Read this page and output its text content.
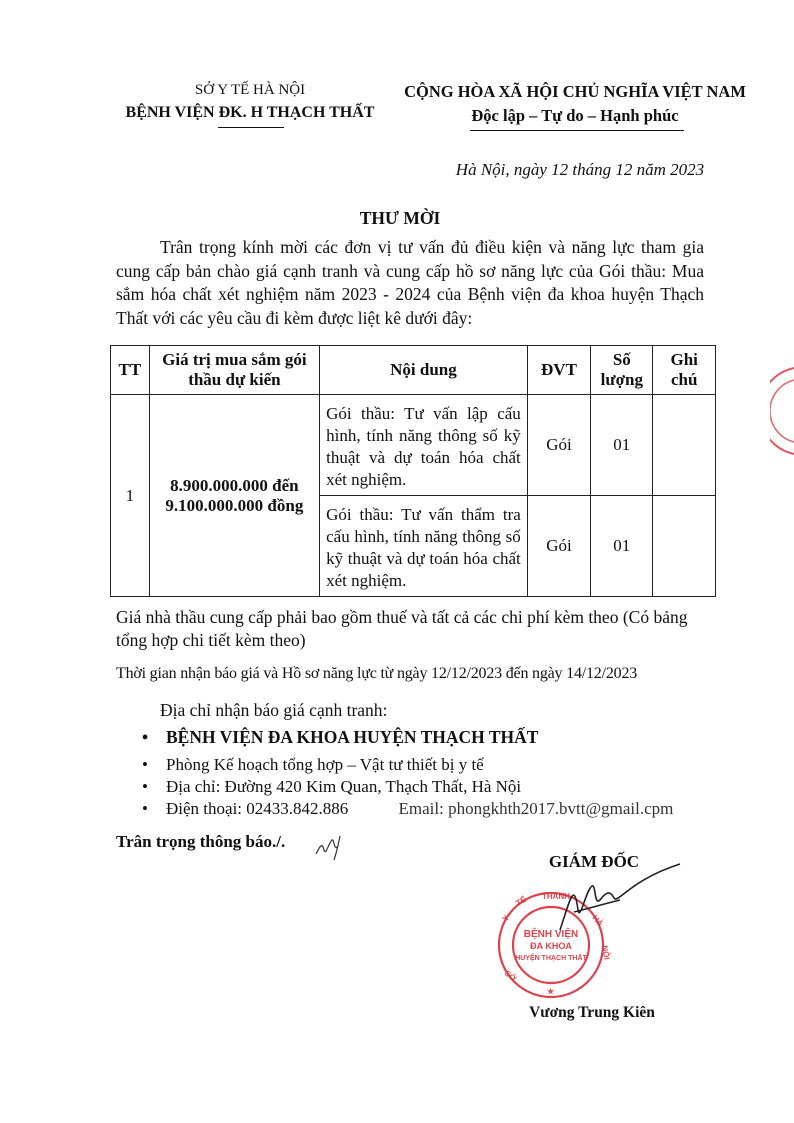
SỞ Y TẾ HÀ NỘI
BỆNH VIỆN ĐK. H THẠCH THẤT
CỘNG HÒA XÃ HỘI CHỦ NGHĨA VIỆT NAM
Độc lập – Tự do – Hạnh phúc
Hà Nội, ngày 12 tháng 12 năm 2023
THƯ MỜI
Trân trọng kính mời các đơn vị tư vấn đủ điều kiện và năng lực tham gia cung cấp bản chào giá cạnh tranh và cung cấp hồ sơ năng lực của Gói thầu: Mua sắm hóa chất xét nghiệm năm 2023 - 2024 của Bệnh viện đa khoa huyện Thạch Thất với các yêu cầu đi kèm được liệt kê dưới đây:
TT	Giá trị mua sắm gói thầu dự kiến	Nội dung	ĐVT	Số lượng	Ghi chú
1	8.900.000.000 đến 9.100.000.000 đồng	Gói thầu: Tư vấn lập cấu hình, tính năng thông số kỹ thuật và dự toán hóa chất xét nghiệm.	Gói	01	
		Gói thầu: Tư vấn thẩm tra cấu hình, tính năng thông số kỹ thuật và dự toán hóa chất xét nghiệm.	Gói	01	
Giá nhà thầu cung cấp phải bao gồm thuế và tất cả các chi phí kèm theo (Có bảng tổng hợp chi tiết kèm theo)
Thời gian nhận báo giá và Hồ sơ năng lực từ ngày 12/12/2023 đến ngày 14/12/2023
Địa chỉ nhận báo giá cạnh tranh:
• BỆNH VIỆN ĐA KHOA HUYỆN THẠCH THẤT
• Phòng Kế hoạch tổng hợp – Vật tư thiết bị y tế
• Địa chỉ: Đường 420 Kim Quan, Thạch Thất, Hà Nội
• Điện thoại: 02433.842.886	Email: phongkhth2017.bvtt@gmail.cpm
Trân trọng thông báo./.
GIÁM ĐỐC
BỆNH VIỆN
ĐA KHOA
HUYỆN THẠCH THẤT
Y
TẾ THÀNH
HÀ
NỘI
SỞ
★
Vương Trung Kiên
